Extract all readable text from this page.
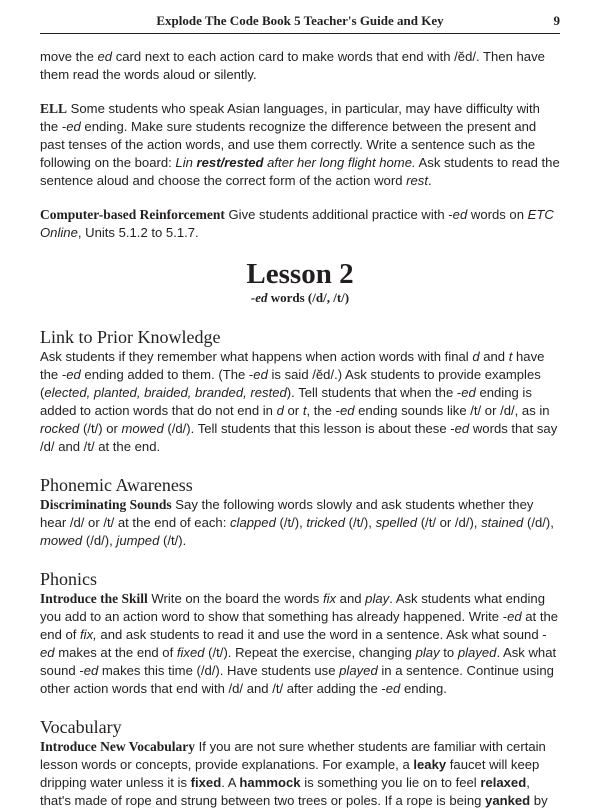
Explode The Code Book 5 Teacher's Guide and Key	9

move the ed card next to each action card to make words that end with /ĕd/. Then have them read the words aloud or silently.

ELL Some students who speak Asian languages, in particular, may have difficulty with the -ed ending. Make sure students recognize the difference between the present and past tenses of the action words, and use them correctly. Write a sentence such as the following on the board: Lin rest/rested after her long flight home. Ask students to read the sentence aloud and choose the correct form of the action word rest.

Computer-based Reinforcement Give students additional practice with -ed words on ETC Online, Units 5.1.2 to 5.1.7.

Lesson 2

-ed words (/d/, /t/)

Link to Prior Knowledge

Ask students if they remember what happens when action words with final d and t have the -ed ending added to them. (The -ed is said /ĕd/.) Ask students to provide examples (elected, planted, braided, branded, rested). Tell students that when the -ed ending is added to action words that do not end in d or t, the -ed ending sounds like /t/ or /d/, as in rocked (/t/) or mowed (/d/). Tell students that this lesson is about these -ed words that say /d/ and /t/ at the end.

Phonemic Awareness

Discriminating Sounds Say the following words slowly and ask students whether they hear /d/ or /t/ at the end of each: clapped (/t/), tricked (/t/), spelled (/t/ or /d/), stained (/d/), mowed (/d/), jumped (/t/).

Phonics

Introduce the Skill Write on the board the words fix and play. Ask students what ending you add to an action word to show that something has already happened. Write -ed at the end of fix, and ask students to read it and use the word in a sentence. Ask what sound -ed makes at the end of fixed (/t/). Repeat the exercise, changing play to played. Ask what sound -ed makes this time (/d/). Have students use played in a sentence. Continue using other action words that end with /d/ and /t/ after adding the -ed ending.

Vocabulary

Introduce New Vocabulary If you are not sure whether students are familiar with certain lesson words or concepts, provide explanations. For example, a leaky faucet will keep dripping water unless it is fixed. A hammock is something you lie on to feel relaxed, that's made of rope and strung between two trees or poles. If a rope is being yanked by
